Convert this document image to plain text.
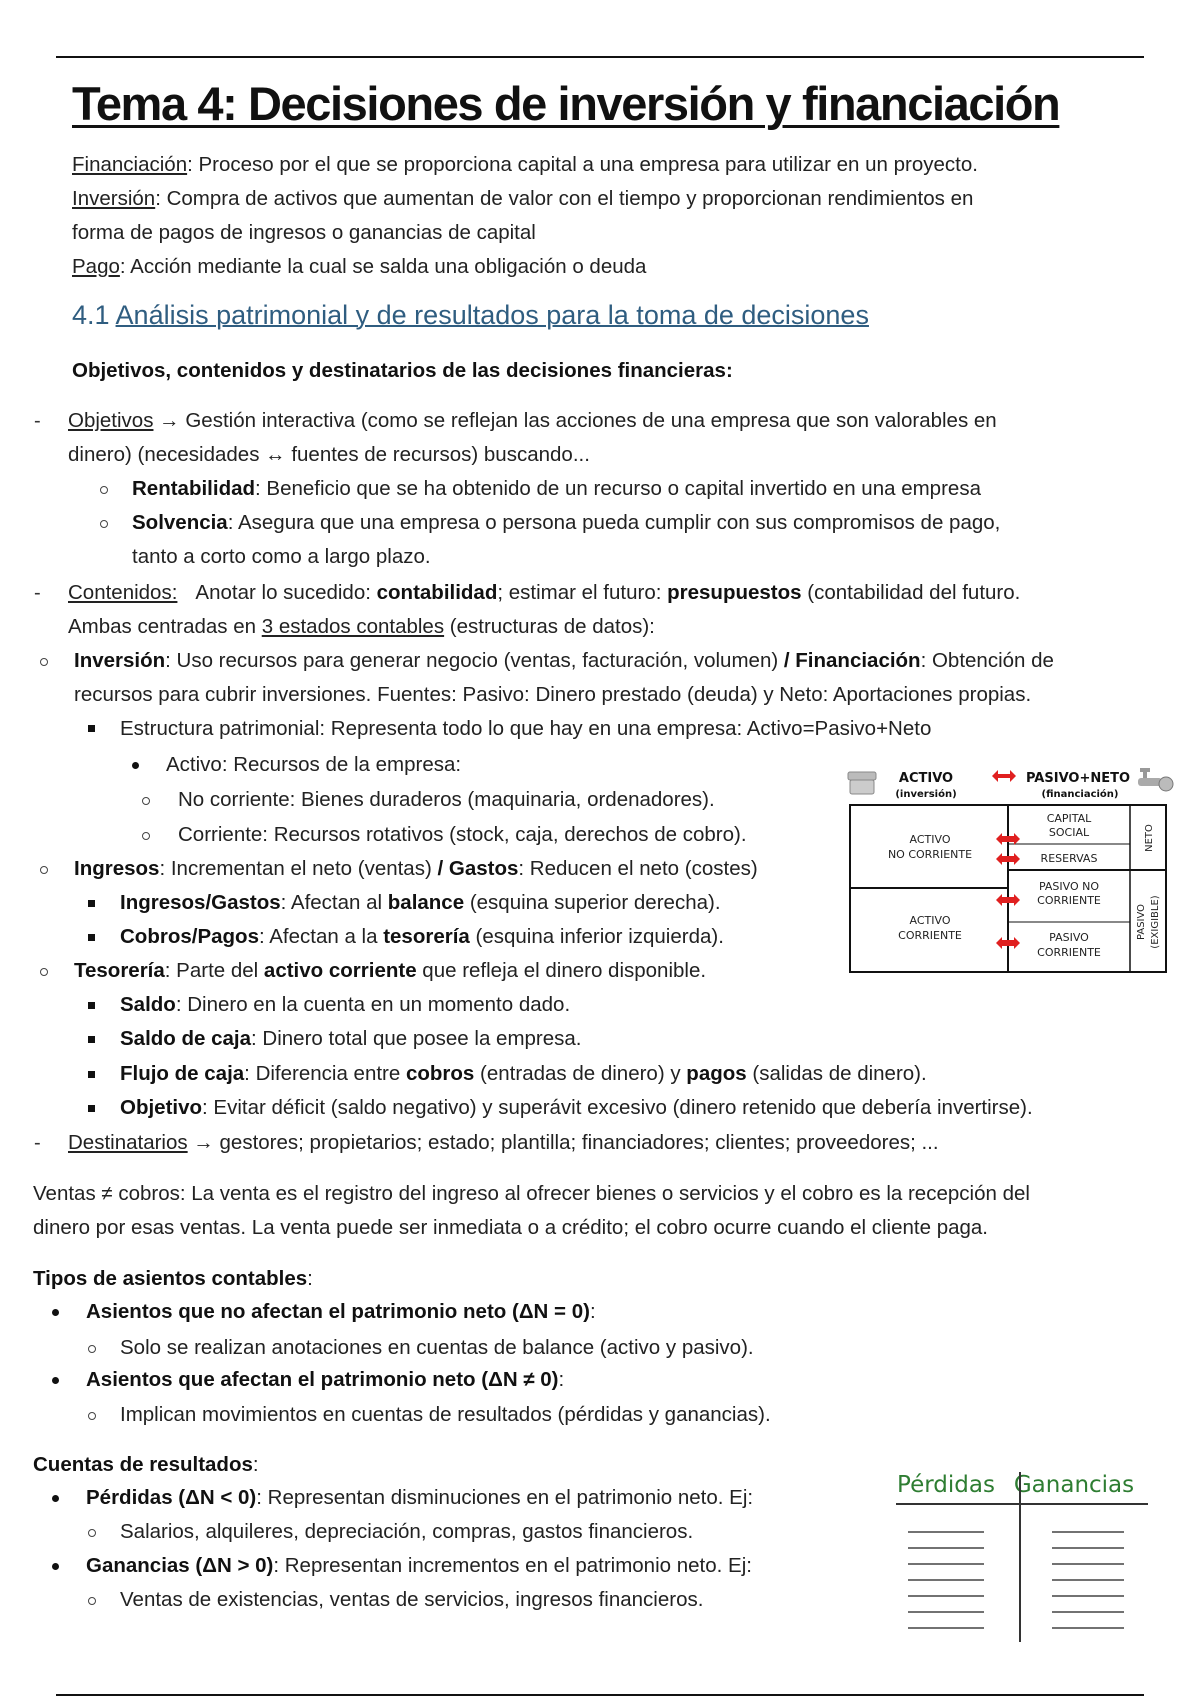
Tema 4: Decisiones de inversión y financiación
Financiación: Proceso por el que se proporciona capital a una empresa para utilizar en un proyecto.
Inversión: Compra de activos que aumentan de valor con el tiempo y proporcionan rendimientos en
forma de pagos de ingresos o ganancias de capital
Pago: Acción mediante la cual se salda una obligación o deuda
4.1 Análisis patrimonial y de resultados para la toma de decisiones
Objetivos, contenidos y destinatarios de las decisiones financieras:
- Objetivos → Gestión interactiva (como se reflejan las acciones de una empresa que son valorables en
dinero) (necesidades ↔ fuentes de recursos) buscando...
Rentabilidad: Beneficio que se ha obtenido de un recurso o capital invertido en una empresa
Solvencia: Asegura que una empresa o persona pueda cumplir con sus compromisos de pago,
tanto a corto como a largo plazo.
- Contenidos: Anotar lo sucedido: contabilidad; estimar el futuro: presupuestos (contabilidad del futuro.
Ambas centradas en 3 estados contables (estructuras de datos):
Inversión: Uso recursos para generar negocio (ventas, facturación, volumen) / Financiación: Obtención de
recursos para cubrir inversiones. Fuentes: Pasivo: Dinero prestado (deuda) y Neto: Aportaciones propias.
Estructura patrimonial: Representa todo lo que hay en una empresa: Activo=Pasivo+Neto
Activo: Recursos de la empresa:
No corriente: Bienes duraderos (maquinaria, ordenadores).
Corriente: Recursos rotativos (stock, caja, derechos de cobro).
Ingresos: Incrementan el neto (ventas) / Gastos: Reducen el neto (costes)
Ingresos/Gastos: Afectan al balance (esquina superior derecha).
Cobros/Pagos: Afectan a la tesorería (esquina inferior izquierda).
Tesorería: Parte del activo corriente que refleja el dinero disponible.
Saldo: Dinero en la cuenta en un momento dado.
Saldo de caja: Dinero total que posee la empresa.
Flujo de caja: Diferencia entre cobros (entradas de dinero) y pagos (salidas de dinero).
Objetivo: Evitar déficit (saldo negativo) y superávit excesivo (dinero retenido que debería invertirse).
- Destinatarios → gestores; propietarios; estado; plantilla; financiadores; clientes; proveedores; ...
Ventas ≠ cobros: La venta es el registro del ingreso al ofrecer bienes o servicios y el cobro es la recepción del
dinero por esas ventas. La venta puede ser inmediata o a crédito; el cobro ocurre cuando el cliente paga.
Tipos de asientos contables:
Asientos que no afectan el patrimonio neto (ΔN = 0):
Solo se realizan anotaciones en cuentas de balance (activo y pasivo).
Asientos que afectan el patrimonio neto (ΔN ≠ 0):
Implican movimientos en cuentas de resultados (pérdidas y ganancias).
Cuentas de resultados:
Pérdidas (ΔN < 0): Representan disminuciones en el patrimonio neto. Ej:
Salarios, alquileres, depreciación, compras, gastos financieros.
Ganancias (ΔN > 0): Representan incrementos en el patrimonio neto. Ej:
Ventas de existencias, ventas de servicios, ingresos financieros.
ACTIVO
(inversión)
PASIVO+NETO
(financiación)
ACTIVO
NO CORRIENTE
ACTIVO
CORRIENTE
CAPITAL
SOCIAL
RESERVAS
PASIVO NO
CORRIENTE
PASIVO
CORRIENTE
NETO
PASIVO (EXIGIBLE)
Pérdidas Ganancias
